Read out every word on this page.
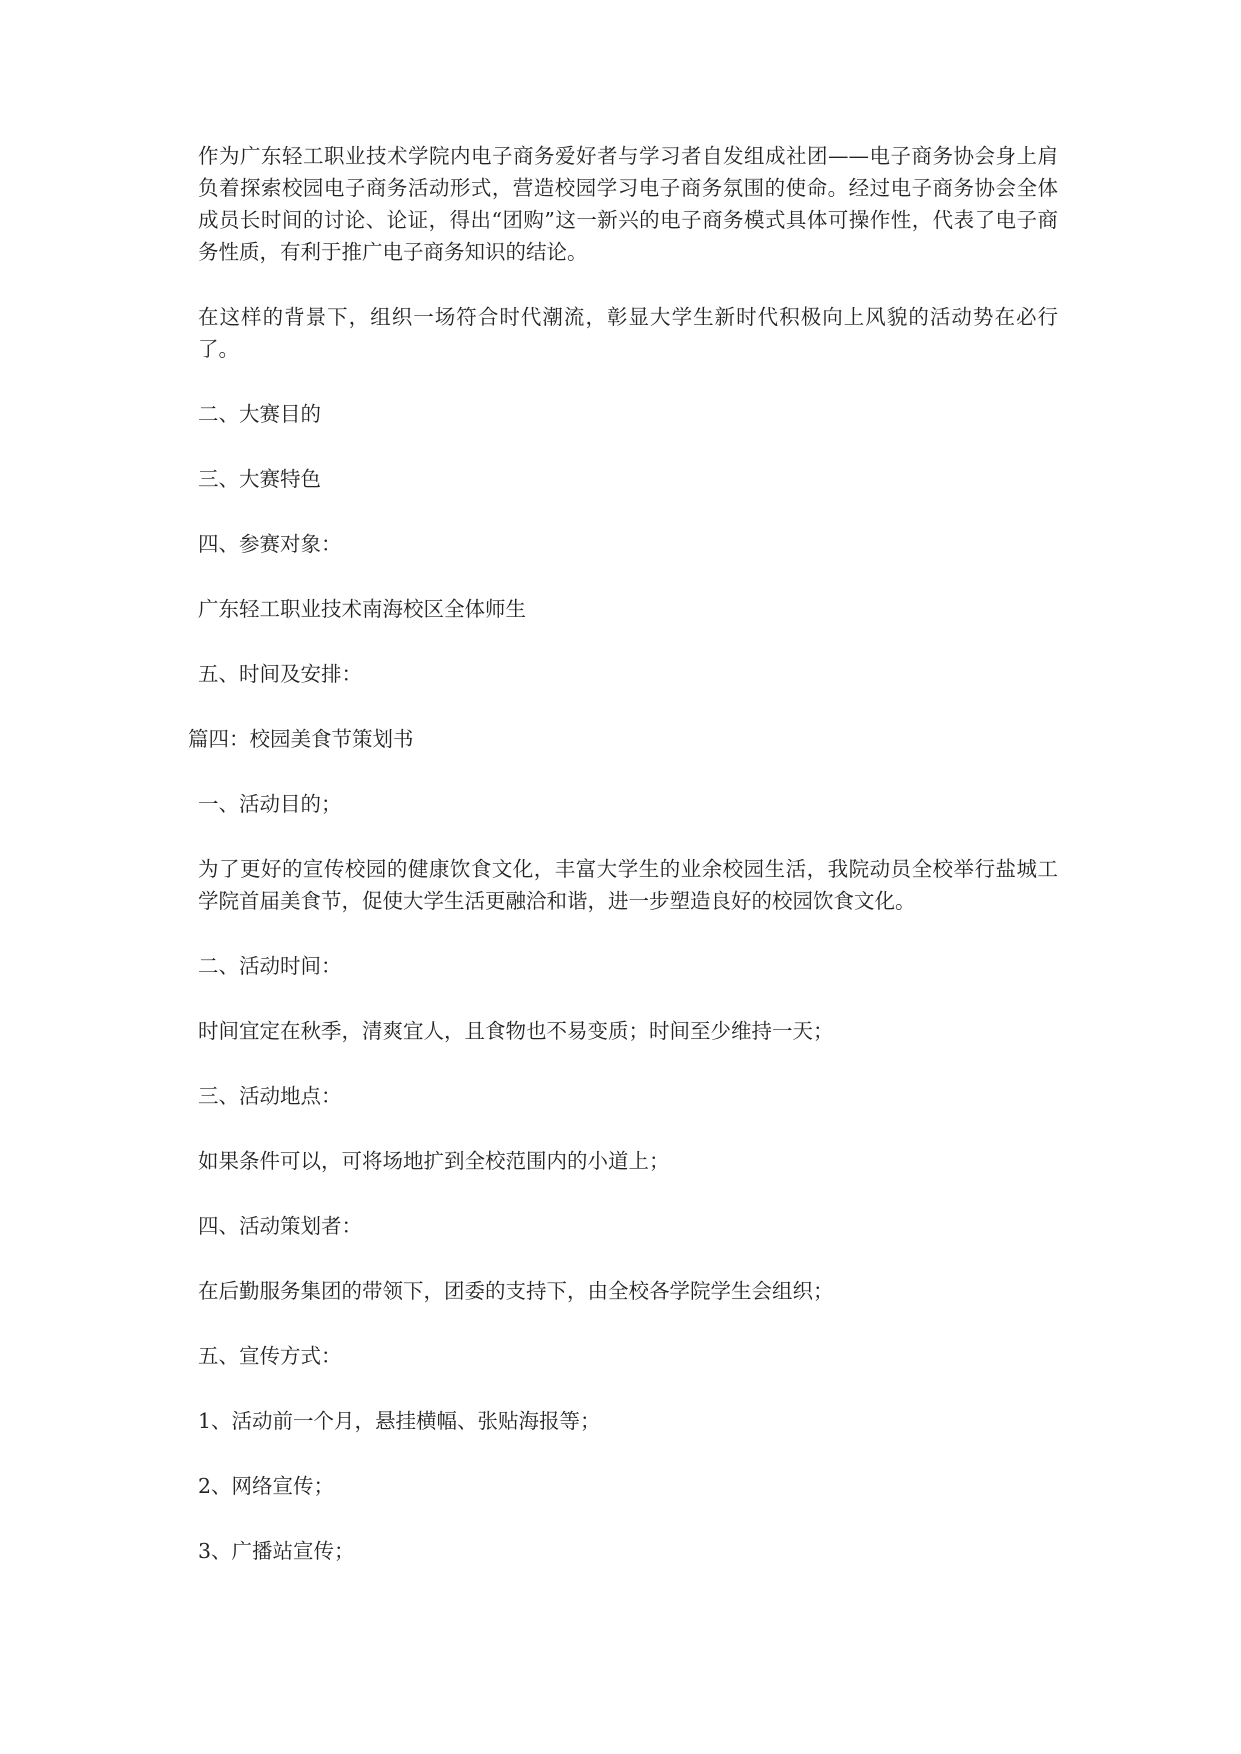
作为广东轻工职业技术学院内电子商务爱好者与学习者自发组成社团——电子商务协会身上肩负着探索校园电子商务活动形式，营造校园学习电子商务氛围的使命。经过电子商务协会全体成员长时间的讨论、论证，得出“团购”这一新兴的电子商务模式具体可操作性，代表了电子商务性质，有利于推广电子商务知识的结论。

在这样的背景下，组织一场符合时代潮流，彰显大学生新时代积极向上风貌的活动势在必行了。

二、大赛目的

三、大赛特色

四、参赛对象：

广东轻工职业技术南海校区全体师生

五、时间及安排：

篇四：校园美食节策划书

一、活动目的；

为了更好的宣传校园的健康饮食文化，丰富大学生的业余校园生活，我院动员全校举行盐城工学院首届美食节，促使大学生活更融洽和谐，进一步塑造良好的校园饮食文化。

二、活动时间：

时间宜定在秋季，清爽宜人，且食物也不易变质；时间至少维持一天；

三、活动地点：

如果条件可以，可将场地扩到全校范围内的小道上；

四、活动策划者：

在后勤服务集团的带领下，团委的支持下，由全校各学院学生会组织；

五、宣传方式：

1、活动前一个月，悬挂横幅、张贴海报等；

2、网络宣传；

3、广播站宣传；
